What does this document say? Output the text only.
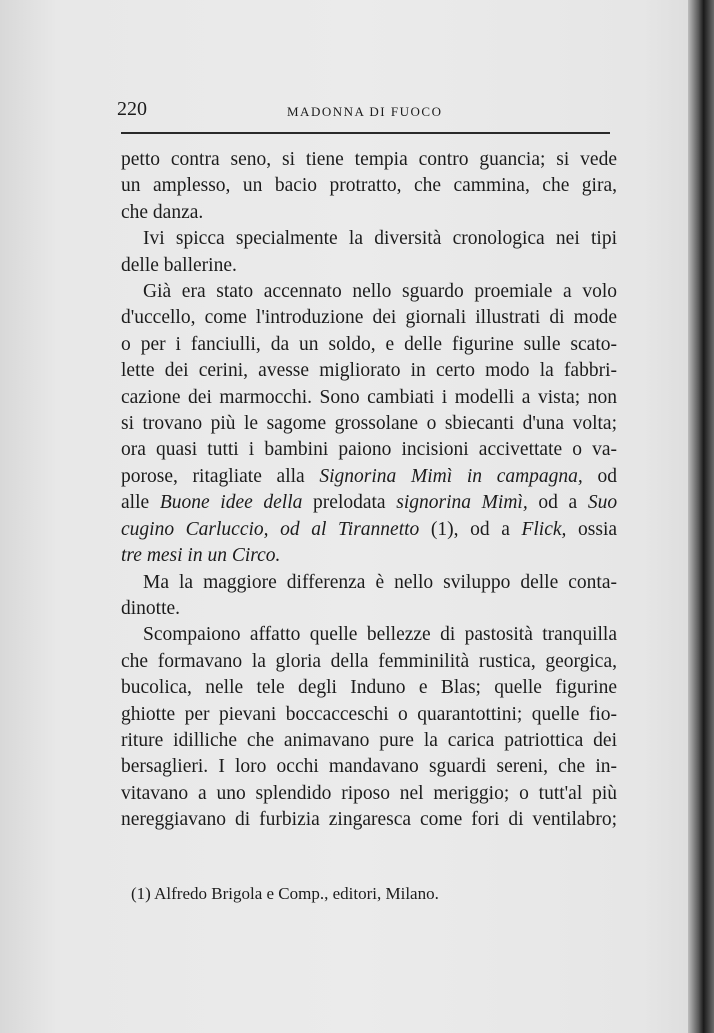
220	MADONNA DI FUOCO
petto contra seno, si tiene tempia contro guancia; si vede
un amplesso, un bacio protratto, che cammina, che gira,
che danza.
Ivi spicca specialmente la diversità cronologica nei tipi
delle ballerine.
Già era stato accennato nello sguardo proemiale a volo
d'uccello, come l'introduzione dei giornali illustrati di mode
o per i fanciulli, da un soldo, e delle figurine sulle scato-
lette dei cerini, avesse migliorato in certo modo la fabbri-
cazione dei marmocchi. Sono cambiati i modelli a vista; non
si trovano più le sagome grossolane o sbiecanti d'una volta;
ora quasi tutti i bambini paiono incisioni accivettate o va-
porose, ritagliate alla Signorina Mimì in campagna, od
alle Buone idee della prelodata signorina Mimì, od a Suo
cugino Carluccio, od al Tirannetto (1), od a Flick, ossia
tre mesi in un Circo.
Ma la maggiore differenza è nello sviluppo delle conta-
dinotte.
Scompaiono affatto quelle bellezze di pastosità tranquilla
che formavano la gloria della femminilità rustica, georgica,
bucolica, nelle tele degli Induno e Blas; quelle figurine
ghiotte per pievani boccacceschi o quarantottini; quelle fio-
riture idilliche che animavano pure la carica patriottica dei
bersaglieri. I loro occhi mandavano sguardi sereni, che in-
vitavano a uno splendido riposo nel meriggio; o tutt'al più
nereggiavano di furbizia zingaresca come fori di ventilabro;
(1) Alfredo Brigola e Comp., editori, Milano.
